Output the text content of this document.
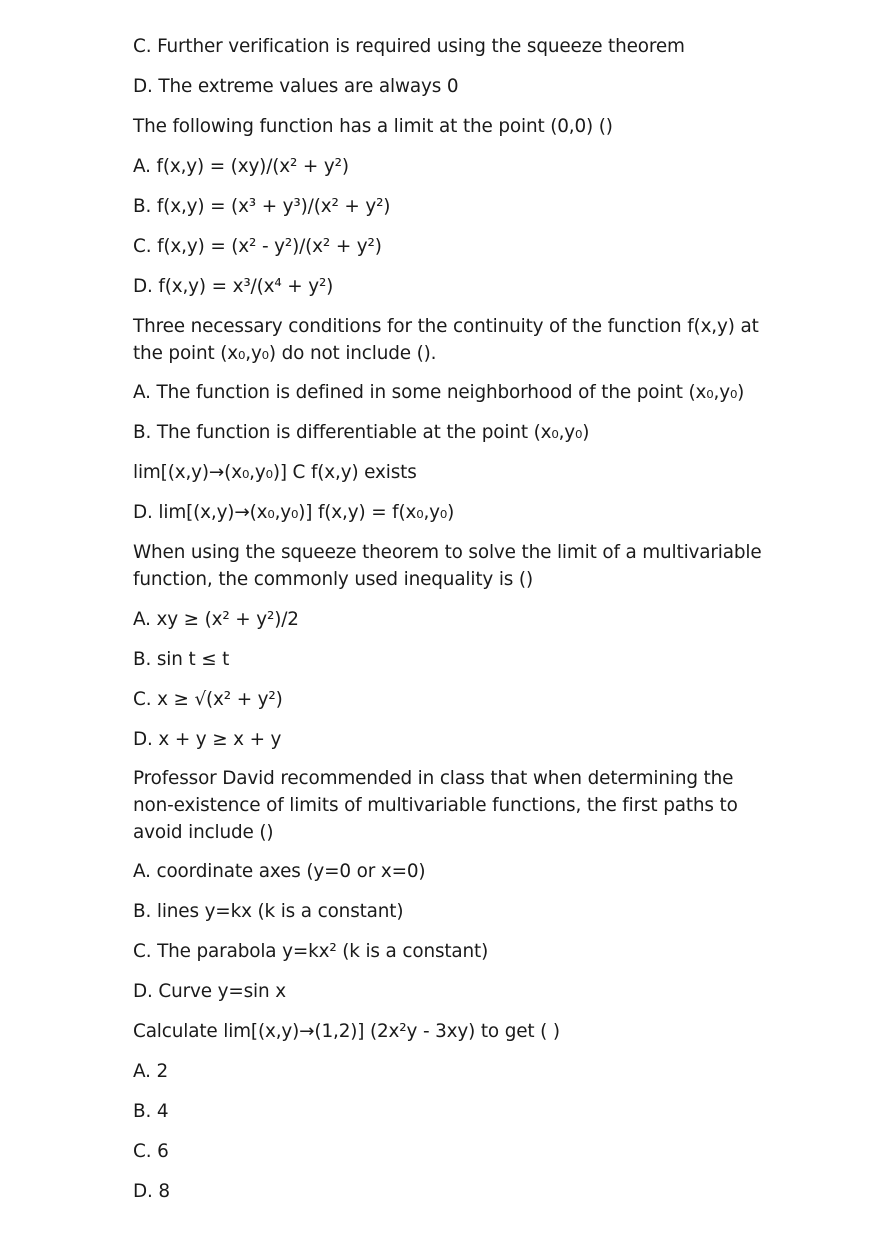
C. Further verification is required using the squeeze theorem
D. The extreme values are always 0
The following function has a limit at the point (0,0) ()
A. f(x,y) = (xy)/(x² + y²)
B. f(x,y) = (x³ + y³)/(x² + y²)
C. f(x,y) = (x² - y²)/(x² + y²)
D. f(x,y) = x³/(x⁴ + y²)
Three necessary conditions for the continuity of the function f(x,y) at the point (x₀,y₀) do not include ().
A. The function is defined in some neighborhood of the point (x₀,y₀)
B. The function is differentiable at the point (x₀,y₀)
lim[(x,y)→(x₀,y₀)] C f(x,y) exists
D. lim[(x,y)→(x₀,y₀)] f(x,y) = f(x₀,y₀)
When using the squeeze theorem to solve the limit of a multivariable function, the commonly used inequality is ()
A. xy ≥ (x² + y²)/2
B. sin t ≤ t
C. x ≥ √(x² + y²)
D. x + y ≥ x + y
Professor David recommended in class that when determining the non-existence of limits of multivariable functions, the first paths to avoid include ()
A. coordinate axes (y=0 or x=0)
B. lines y=kx (k is a constant)
C. The parabola y=kx² (k is a constant)
D. Curve y=sin x
Calculate lim[(x,y)→(1,2)] (2x²y - 3xy) to get ( )
A. 2
B. 4
C. 6
D. 8
